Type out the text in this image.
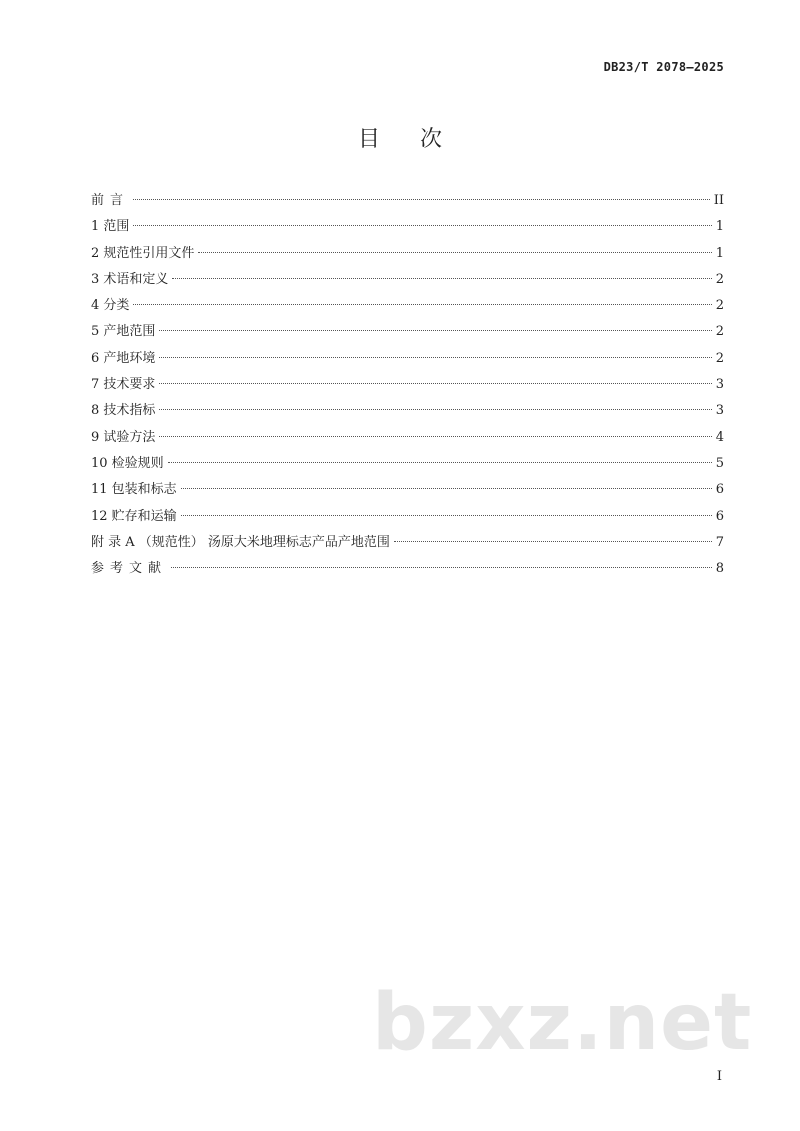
DB23/T 2078—2025
目次
前言	II
1 范围	1
2 规范性引用文件	1
3 术语和定义	2
4 分类	2
5 产地范围	2
6 产地环境	2
7 技术要求	3
8 技术指标	3
9 试验方法	4
10 检验规则	5
11 包装和标志	6
12 贮存和运输	6
附 录 A （规范性） 汤原大米地理标志产品产地范围	7
参考文献	8
bzxz.net
I
